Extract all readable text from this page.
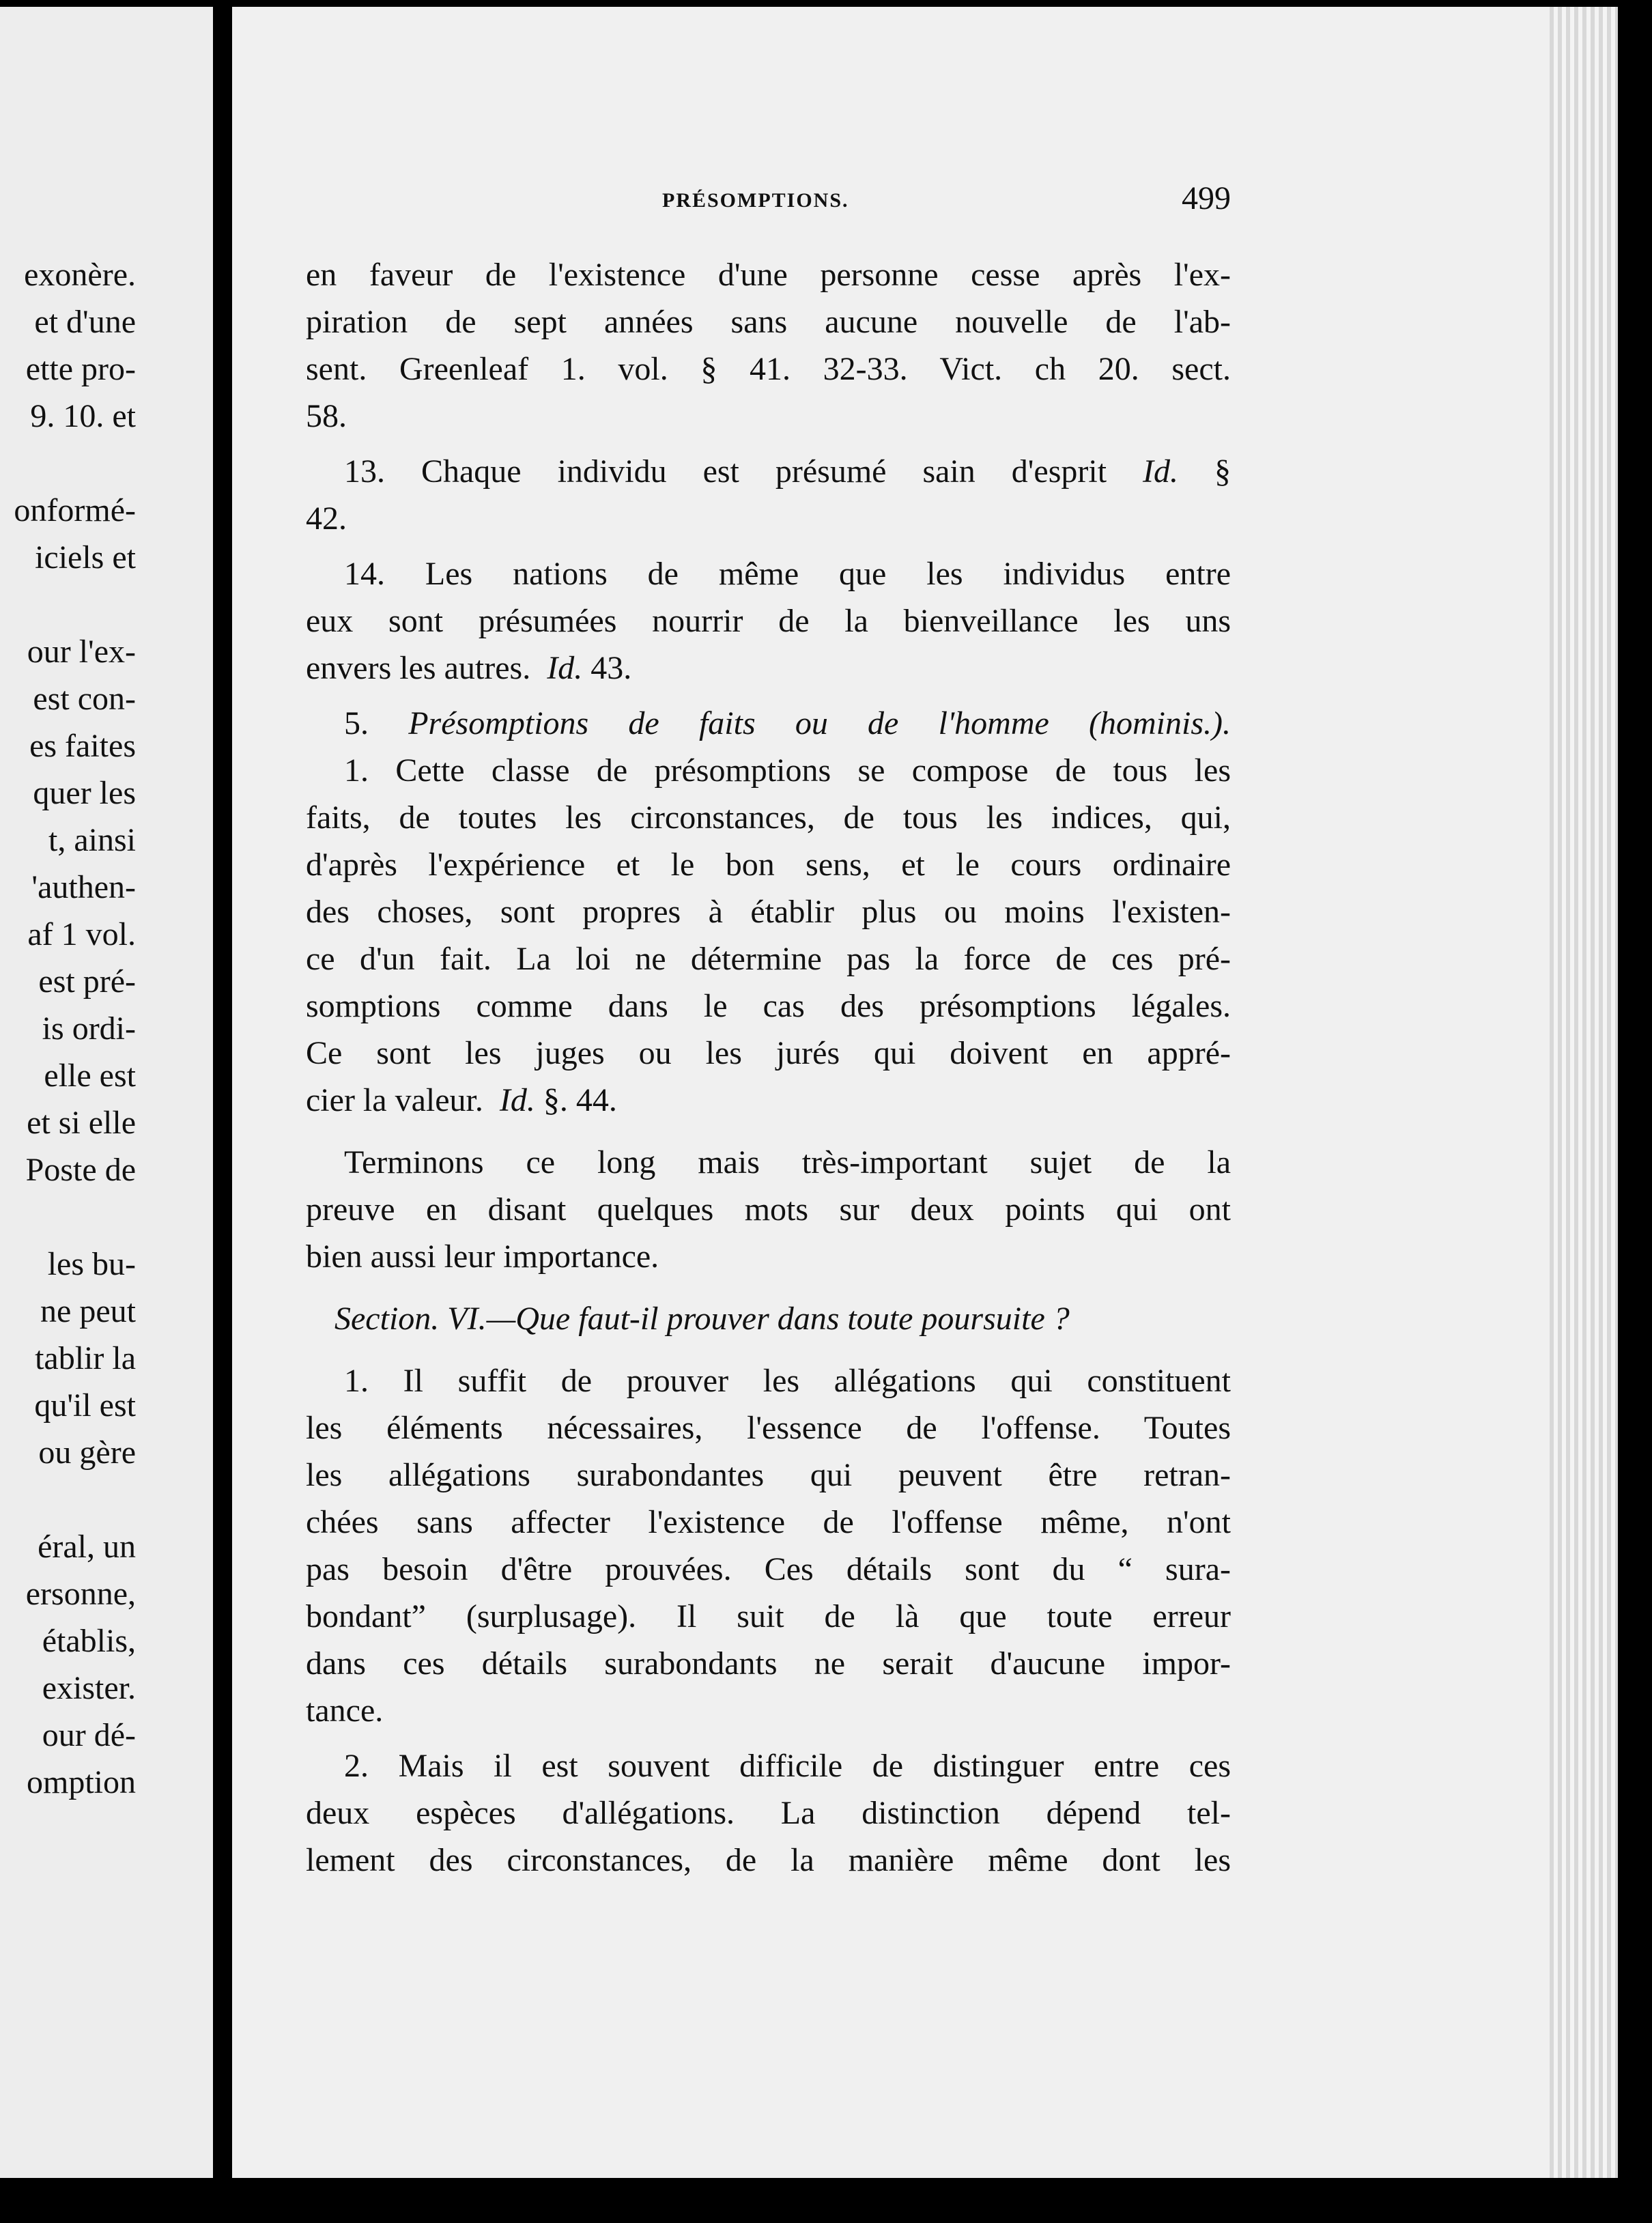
exonère.
et d'une
ette pro-
9. 10. et
onformé-
iciels et
our l'ex-
est con-
es faites
quer les
t, ainsi
'authen-
af 1 vol.
est pré-
is ordi-
elle est
et si elle
Poste de
les bu-
ne peut
tablir la
qu'il est
ou gère
éral, un
ersonne,
établis,
exister.
our dé-
omption
PRÉSOMPTIONS.	499
en faveur de l'existence d'une personne cesse après l'ex-
piration de sept années sans aucune nouvelle de l'ab-
sent. Greenleaf 1. vol. § 41. 32-33. Vict. ch 20. sect.
58.
13. Chaque individu est présumé sain d'esprit Id. §
42.
14. Les nations de même que les individus entre
eux sont présumées nourrir de la bienveillance les uns
envers les autres. Id. 43.
5. Présomptions de faits ou de l'homme (hominis.).
1. Cette classe de présomptions se compose de tous les
faits, de toutes les circonstances, de tous les indices, qui,
d'après l'expérience et le bon sens, et le cours ordinaire
des choses, sont propres à établir plus ou moins l'existen-
ce d'un fait. La loi ne détermine pas la force de ces pré-
somptions comme dans le cas des présomptions légales.
Ce sont les juges ou les jurés qui doivent en appré-
cier la valeur. Id. §. 44.
Terminons ce long mais très-important sujet de la
preuve en disant quelques mots sur deux points qui ont
bien aussi leur importance.
Section. VI.—Que faut-il prouver dans toute poursuite ?
1. Il suffit de prouver les allégations qui constituent
les éléments nécessaires, l'essence de l'offense. Toutes
les allégations surabondantes qui peuvent être retran-
chées sans affecter l'existence de l'offense même, n'ont
pas besoin d'être prouvées. Ces détails sont du “ sura-
bondant” (surplusage). Il suit de là que toute erreur
dans ces détails surabondants ne serait d'aucune impor-
tance.
2. Mais il est souvent difficile de distinguer entre ces
deux espèces d'allégations. La distinction dépend tel-
lement des circonstances, de la manière même dont les
